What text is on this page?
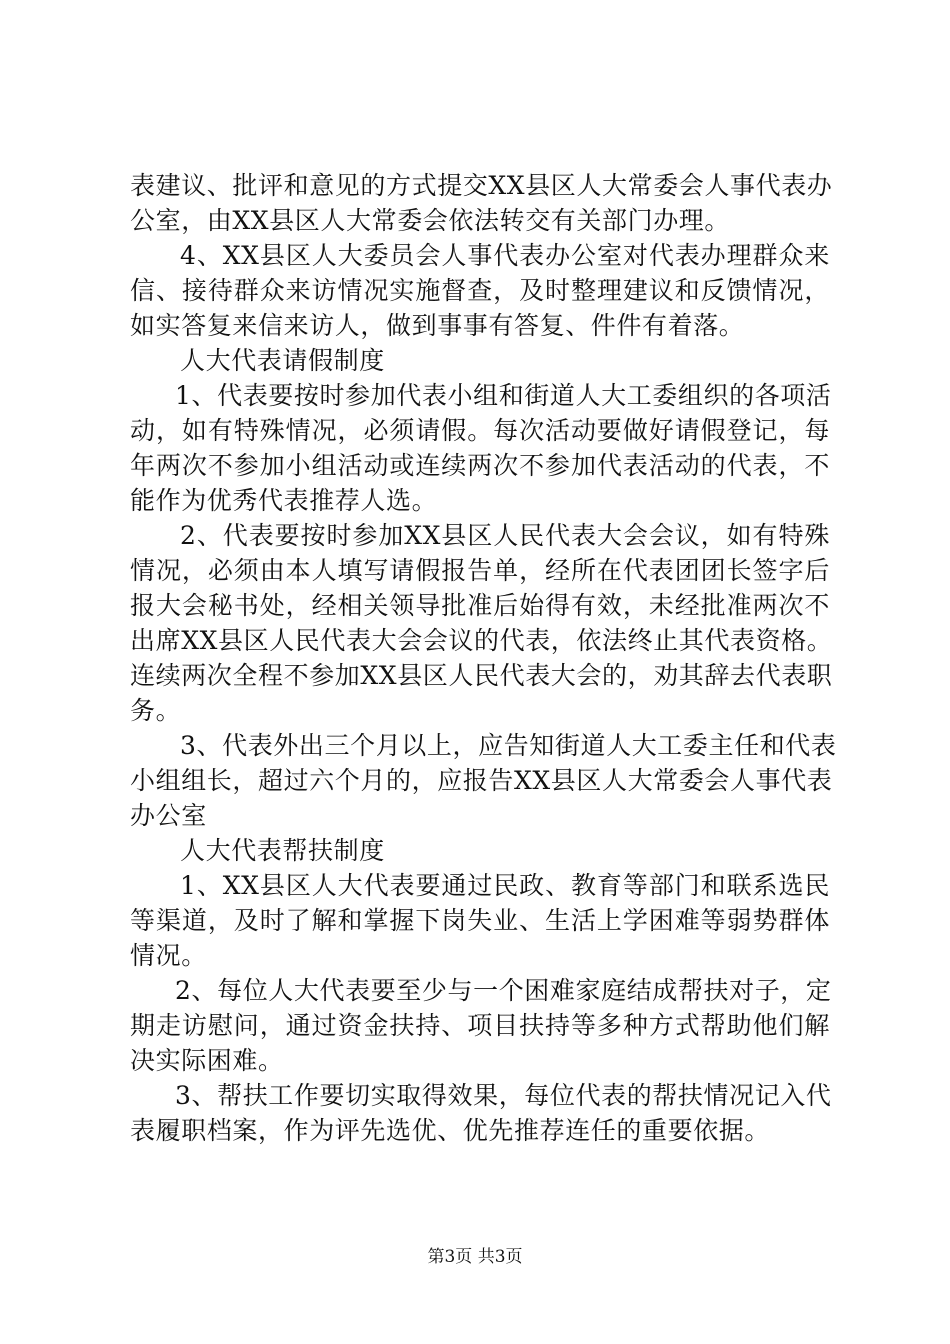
表建议、批评和意见的方式提交XX县区人大常委会人事代表办
公室，由XX县区人大常委会依法转交有关部门办理。
4、XX县区人大委员会人事代表办公室对代表办理群众来
信、接待群众来访情况实施督查，及时整理建议和反馈情况，
如实答复来信来访人，做到事事有答复、件件有着落。
人大代表请假制度
1、代表要按时参加代表小组和街道人大工委组织的各项活
动，如有特殊情况，必须请假。每次活动要做好请假登记，每
年两次不参加小组活动或连续两次不参加代表活动的代表，不
能作为优秀代表推荐人选。
2、代表要按时参加XX县区人民代表大会会议，如有特殊
情况，必须由本人填写请假报告单，经所在代表团团长签字后
报大会秘书处，经相关领导批准后始得有效，未经批准两次不
出席XX县区人民代表大会会议的代表，依法终止其代表资格。
连续两次全程不参加XX县区人民代表大会的，劝其辞去代表职
务。
3、代表外出三个月以上，应告知街道人大工委主任和代表
小组组长，超过六个月的，应报告XX县区人大常委会人事代表
办公室
人大代表帮扶制度
1、XX县区人大代表要通过民政、教育等部门和联系选民
等渠道，及时了解和掌握下岗失业、生活上学困难等弱势群体
情况。
2、每位人大代表要至少与一个困难家庭结成帮扶对子，定
期走访慰问，通过资金扶持、项目扶持等多种方式帮助他们解
决实际困难。
3、帮扶工作要切实取得效果，每位代表的帮扶情况记入代
表履职档案，作为评先选优、优先推荐连任的重要依据。
第3页 共3页
